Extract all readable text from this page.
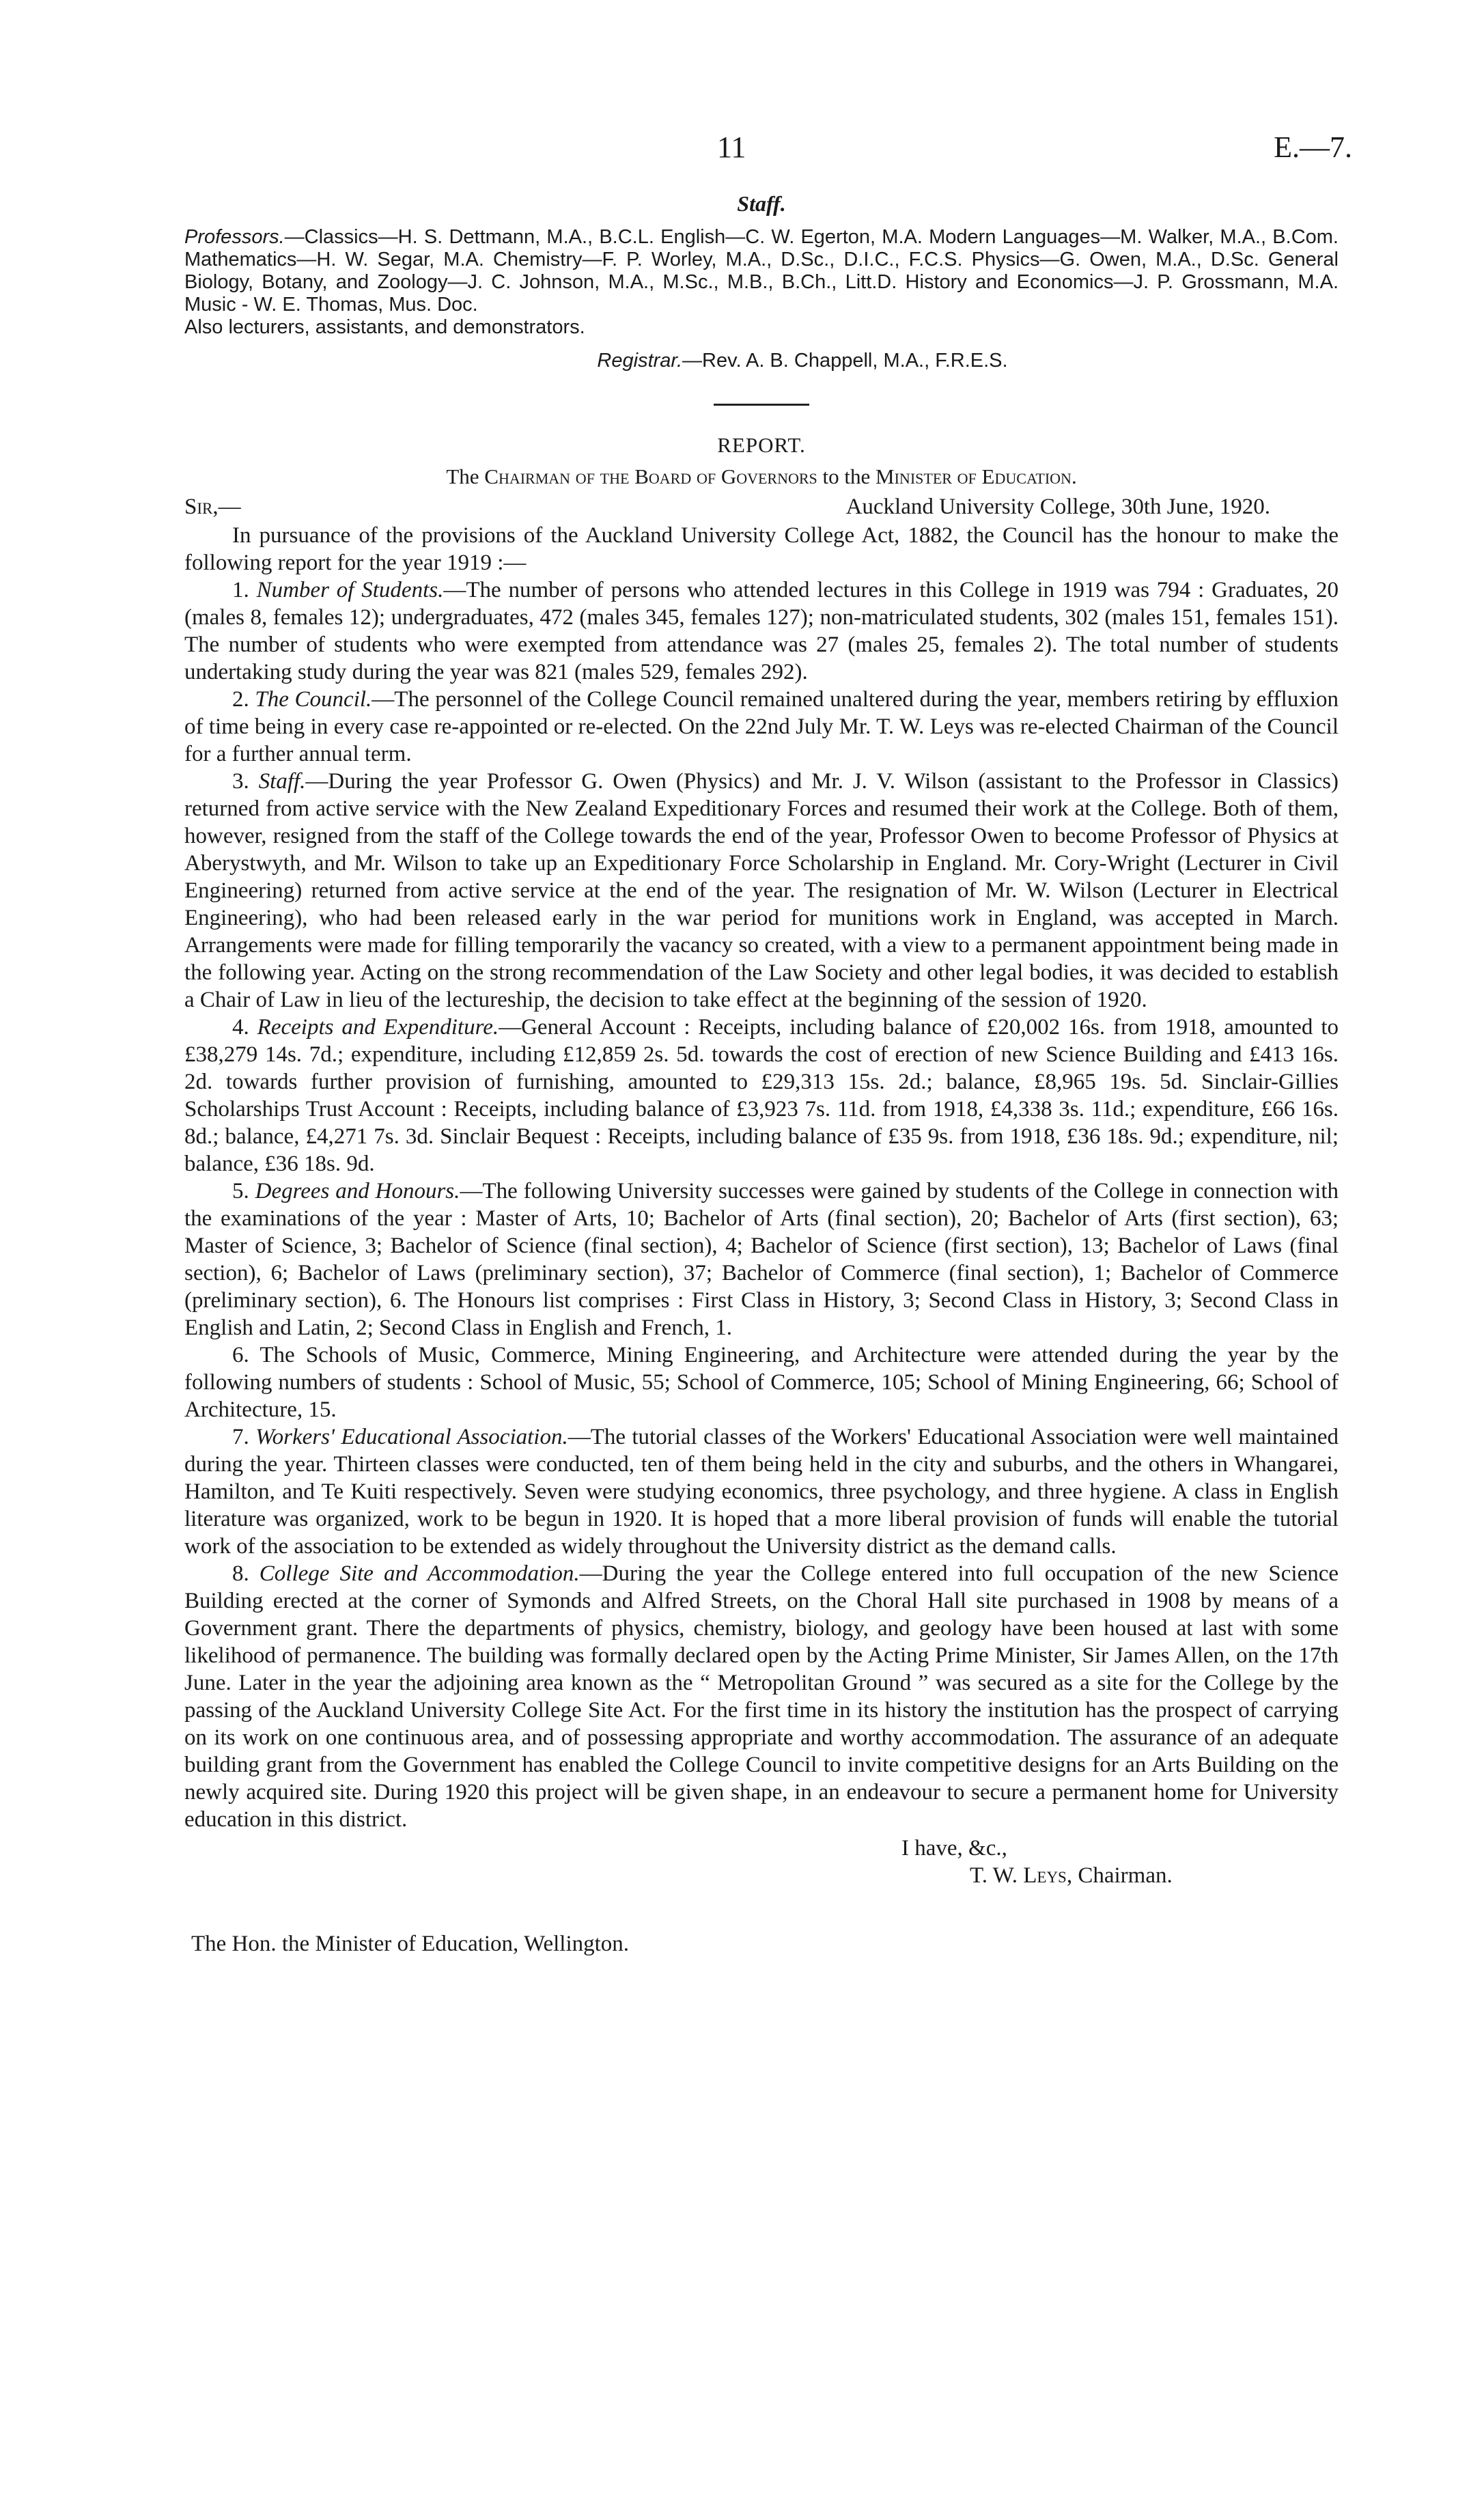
11	E.—7.
Staff.

Professors.—Classics—H. S. Dettmann, M.A., B.C.L. English—C. W. Egerton, M.A. Modern Languages—M. Walker, M.A., B.Com. Mathematics—H. W. Segar, M.A. Chemistry—F. P. Worley, M.A., D.Sc., D.I.C., F.C.S. Physics—G. Owen, M.A., D.Sc. General Biology, Botany, and Zoology—J. C. Johnson, M.A., M.Sc., M.B., B.Ch., Litt.D. History and Economics—J. P. Grossmann, M.A. Music - W. E. Thomas, Mus. Doc.

Also lecturers, assistants, and demonstrators.

Registrar.—Rev. A. B. Chappell, M.A., F.R.E.S.
REPORT.
The Chairman of the Board of Governors to the Minister of Education.
Sir,—	Auckland University College, 30th June, 1920.

In pursuance of the provisions of the Auckland University College Act, 1882, the Council has the honour to make the following report for the year 1919 :—

1. Number of Students.—The number of persons who attended lectures in this College in 1919 was 794 : Graduates, 20 (males 8, females 12); undergraduates, 472 (males 345, females 127); non-matriculated students, 302 (males 151, females 151). The number of students who were exempted from attendance was 27 (males 25, females 2). The total number of students undertaking study during the year was 821 (males 529, females 292).

2. The Council.—The personnel of the College Council remained unaltered during the year, members retiring by effluxion of time being in every case re-appointed or re-elected. On the 22nd July Mr. T. W. Leys was re-elected Chairman of the Council for a further annual term.

3. Staff.—During the year Professor G. Owen (Physics) and Mr. J. V. Wilson (assistant to the Professor in Classics) returned from active service with the New Zealand Expeditionary Forces and resumed their work at the College. Both of them, however, resigned from the staff of the College towards the end of the year, Professor Owen to become Professor of Physics at Aberystwyth, and Mr. Wilson to take up an Expeditionary Force Scholarship in England. Mr. Cory-Wright (Lecturer in Civil Engineering) returned from active service at the end of the year. The resignation of Mr. W. Wilson (Lecturer in Electrical Engineering), who had been released early in the war period for munitions work in England, was accepted in March. Arrangements were made for filling temporarily the vacancy so created, with a view to a permanent appointment being made in the following year. Acting on the strong recommendation of the Law Society and other legal bodies, it was decided to establish a Chair of Law in lieu of the lectureship, the decision to take effect at the beginning of the session of 1920.

4. Receipts and Expenditure.—General Account : Receipts, including balance of £20,002 16s. from 1918, amounted to £38,279 14s. 7d.; expenditure, including £12,859 2s. 5d. towards the cost of erection of new Science Building and £413 16s. 2d. towards further provision of furnishing, amounted to £29,313 15s. 2d.; balance, £8,965 19s. 5d. Sinclair-Gillies Scholarships Trust Account : Receipts, including balance of £3,923 7s. 11d. from 1918, £4,338 3s. 11d.; expenditure, £66 16s. 8d.; balance, £4,271 7s. 3d. Sinclair Bequest : Receipts, including balance of £35 9s. from 1918, £36 18s. 9d.; expenditure, nil; balance, £36 18s. 9d.

5. Degrees and Honours.—The following University successes were gained by students of the College in connection with the examinations of the year : Master of Arts, 10; Bachelor of Arts (final section), 20; Bachelor of Arts (first section), 63; Master of Science, 3; Bachelor of Science (final section), 4; Bachelor of Science (first section), 13; Bachelor of Laws (final section), 6; Bachelor of Laws (preliminary section), 37; Bachelor of Commerce (final section), 1; Bachelor of Commerce (preliminary section), 6. The Honours list comprises : First Class in History, 3; Second Class in History, 3; Second Class in English and Latin, 2; Second Class in English and French, 1.

6. The Schools of Music, Commerce, Mining Engineering, and Architecture were attended during the year by the following numbers of students : School of Music, 55; School of Commerce, 105; School of Mining Engineering, 66; School of Architecture, 15.

7. Workers' Educational Association.—The tutorial classes of the Workers' Educational Association were well maintained during the year. Thirteen classes were conducted, ten of them being held in the city and suburbs, and the others in Whangarei, Hamilton, and Te Kuiti respectively. Seven were studying economics, three psychology, and three hygiene. A class in English literature was organized, work to be begun in 1920. It is hoped that a more liberal provision of funds will enable the tutorial work of the association to be extended as widely throughout the University district as the demand calls.

8. College Site and Accommodation.—During the year the College entered into full occupation of the new Science Building erected at the corner of Symonds and Alfred Streets, on the Choral Hall site purchased in 1908 by means of a Government grant. There the departments of physics, chemistry, biology, and geology have been housed at last with some likelihood of permanence. The building was formally declared open by the Acting Prime Minister, Sir James Allen, on the 17th June. Later in the year the adjoining area known as the “ Metropolitan Ground ” was secured as a site for the College by the passing of the Auckland University College Site Act. For the first time in its history the institution has the prospect of carrying on its work on one continuous area, and of possessing appropriate and worthy accommodation. The assurance of an adequate building grant from the Government has enabled the College Council to invite competitive designs for an Arts Building on the newly acquired site. During 1920 this project will be given shape, in an endeavour to secure a permanent home for University education in this district.

I have, &c.,
T. W. Leys, Chairman.
The Hon. the Minister of Education, Wellington.
